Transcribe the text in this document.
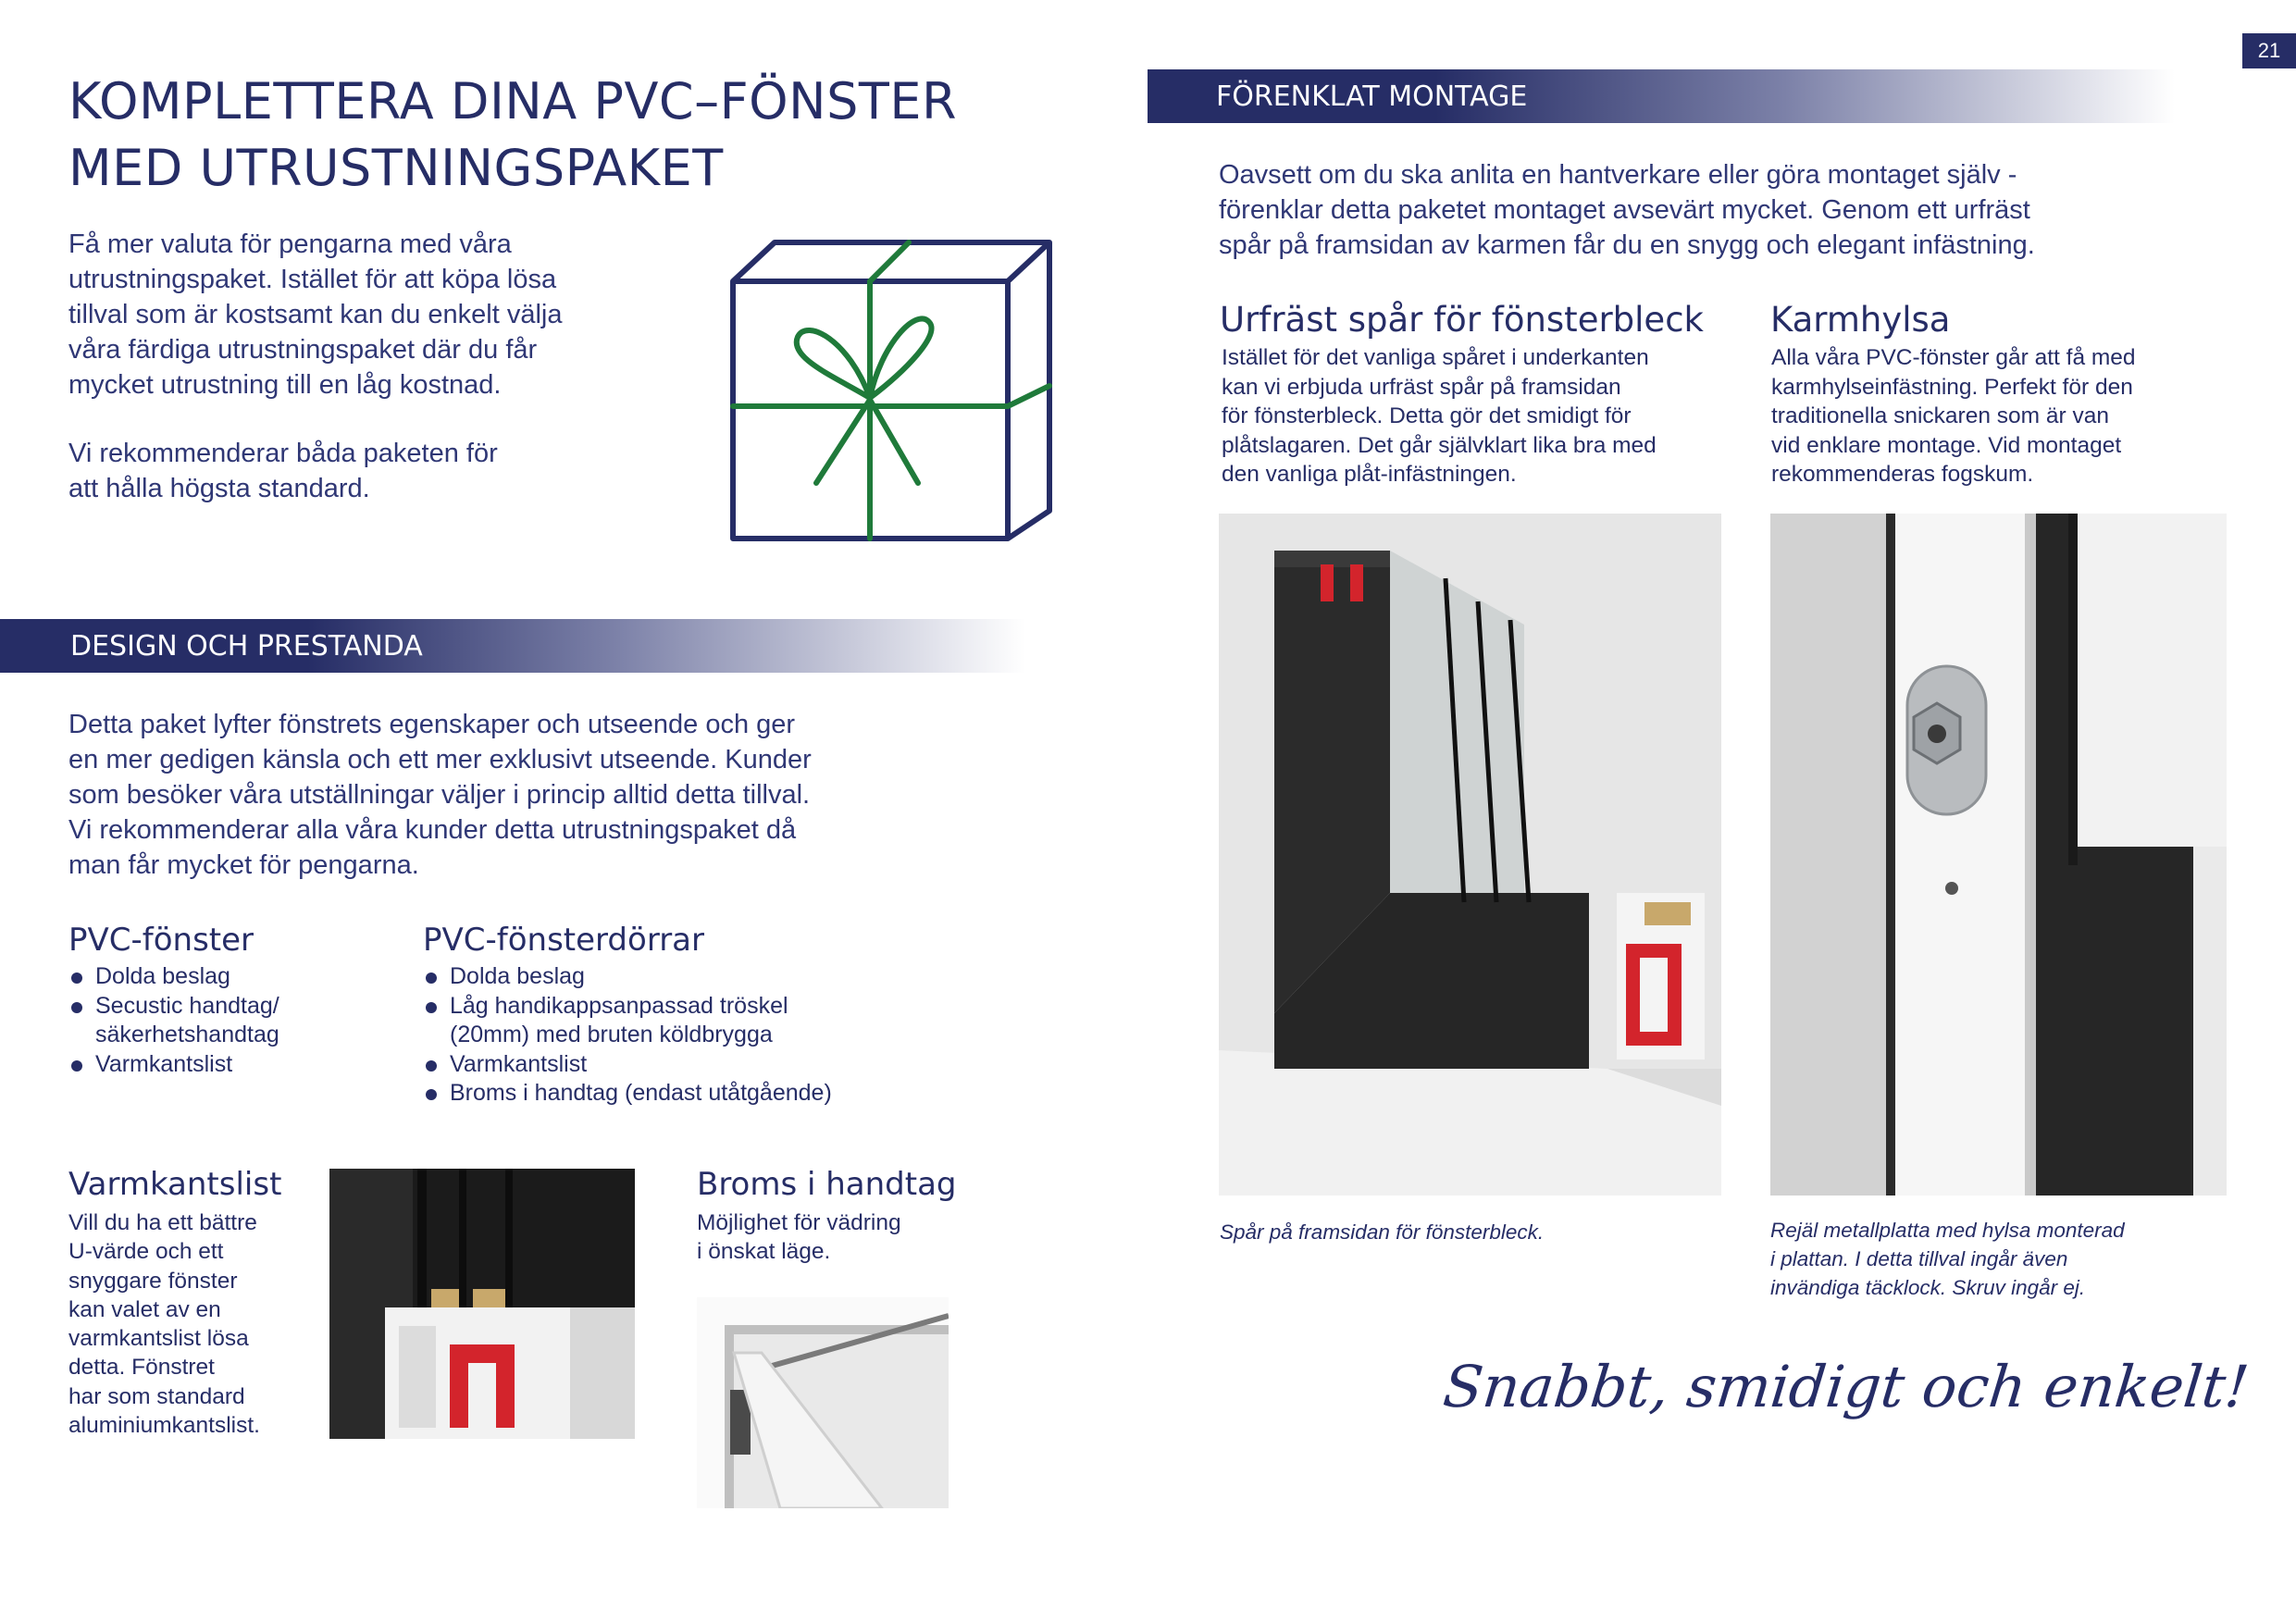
21
KOMPLETTERA DINA PVC–FÖNSTER
MED UTRUSTNINGSPAKET
Få mer valuta för pengarna med våra
utrustningspaket. Istället för att köpa lösa
tillval som är kostsamt kan du enkelt välja
våra färdiga utrustningspaket där du får
mycket utrustning till en låg kostnad.
Vi rekommenderar båda paketen för
att hålla högsta standard.
DESIGN OCH PRESTANDA
Detta paket lyfter fönstrets egenskaper och utseende och ger
en mer gedigen känsla och ett mer exklusivt utseende. Kunder
som besöker våra utställningar väljer i princip alltid detta tillval.
Vi rekommenderar alla våra kunder detta utrustningspaket då
man får mycket för pengarna.
PVC-fönster
Dolda beslag
Secustic handtag/
säkerhetshandtag
Varmkantslist
PVC-fönsterdörrar
Dolda beslag
Låg handikappsanpassad tröskel
(20mm) med bruten köldbrygga
Varmkantslist
Broms i handtag (endast utåtgående)
Varmkantslist
Vill du ha ett bättre
U-värde och ett
snyggare fönster
kan valet av en
varmkantslist lösa
detta. Fönstret
har som standard
aluminiumkantslist.
Broms i handtag
Möjlighet för vädring
i önskat läge.
FÖRENKLAT MONTAGE
Oavsett om du ska anlita en hantverkare eller göra montaget själv -
förenklar detta paketet montaget avsevärt mycket. Genom ett urfräst
spår på framsidan av karmen får du en snygg och elegant infästning.
Urfräst spår för fönsterbleck
Istället för det vanliga spåret i underkanten
kan vi erbjuda urfräst spår på framsidan
för fönsterbleck. Detta gör det smidigt för
plåtslagaren. Det går självklart lika bra med
den vanliga plåt-infästningen.
Karmhylsa
Alla våra PVC-fönster går att få med
karmhylseinfästning. Perfekt för den
traditionella snickaren som är van
vid enklare montage. Vid montaget
rekommenderas fogskum.
Spår på framsidan för fönsterbleck.	Rejäl metallplatta med hylsa monterad
i plattan. I detta tillval ingår även
invändiga täcklock. Skruv ingår ej.
Snabbt, smidigt och enkelt!
